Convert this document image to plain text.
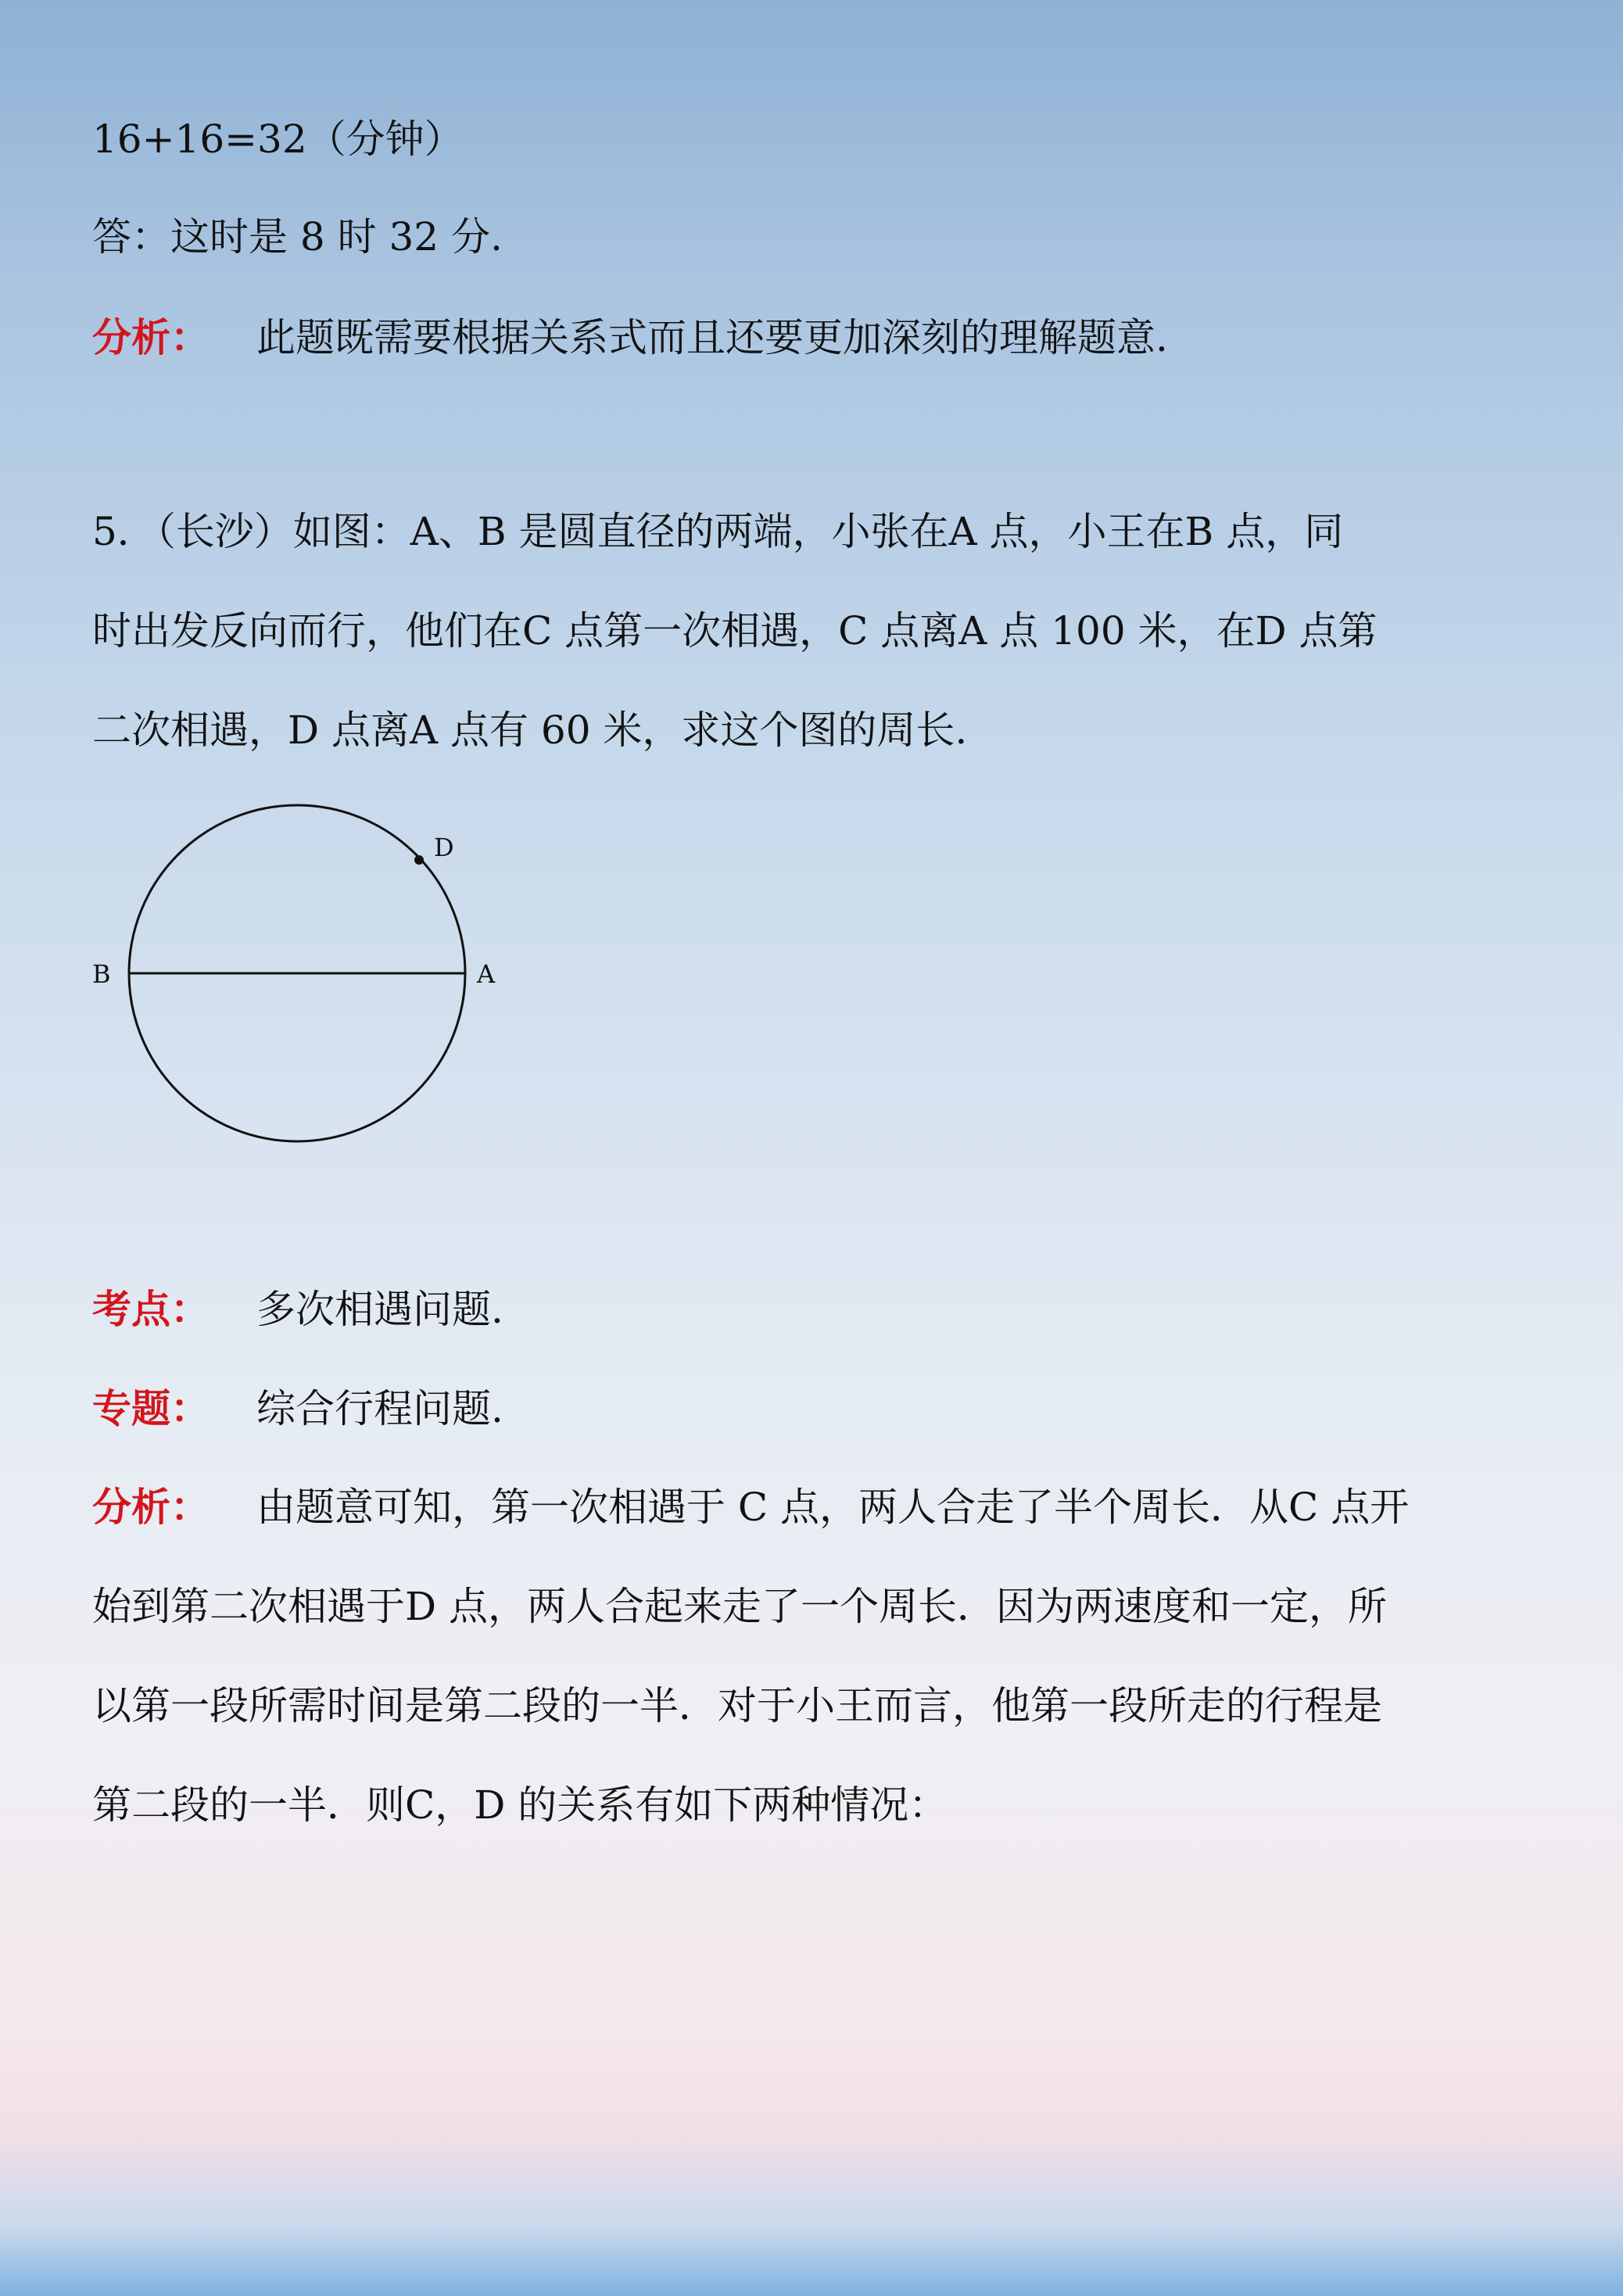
16+16=32（分钟）
答：这时是 8 时 32 分.
分析： 此题既需要根据关系式而且还要更加深刻的理解题意.
5．（长沙）如图：A、B 是圆直径的两端，小张在A 点，小王在B 点，同
时出发反向而行，他们在C 点第一次相遇，C 点离A 点 100 米，在D 点第
二次相遇，D 点离A 点有 60 米，求这个图的周长.
D
B	A
考点： 多次相遇问题.
专题： 综合行程问题.
分析： 由题意可知，第一次相遇于 C 点，两人合走了半个周长．从C 点开
始到第二次相遇于D 点，两人合起来走了一个周长．因为两速度和一定，所
以第一段所需时间是第二段的一半．对于小王而言，他第一段所走的行程是
第二段的一半．则C，D 的关系有如下两种情况：
